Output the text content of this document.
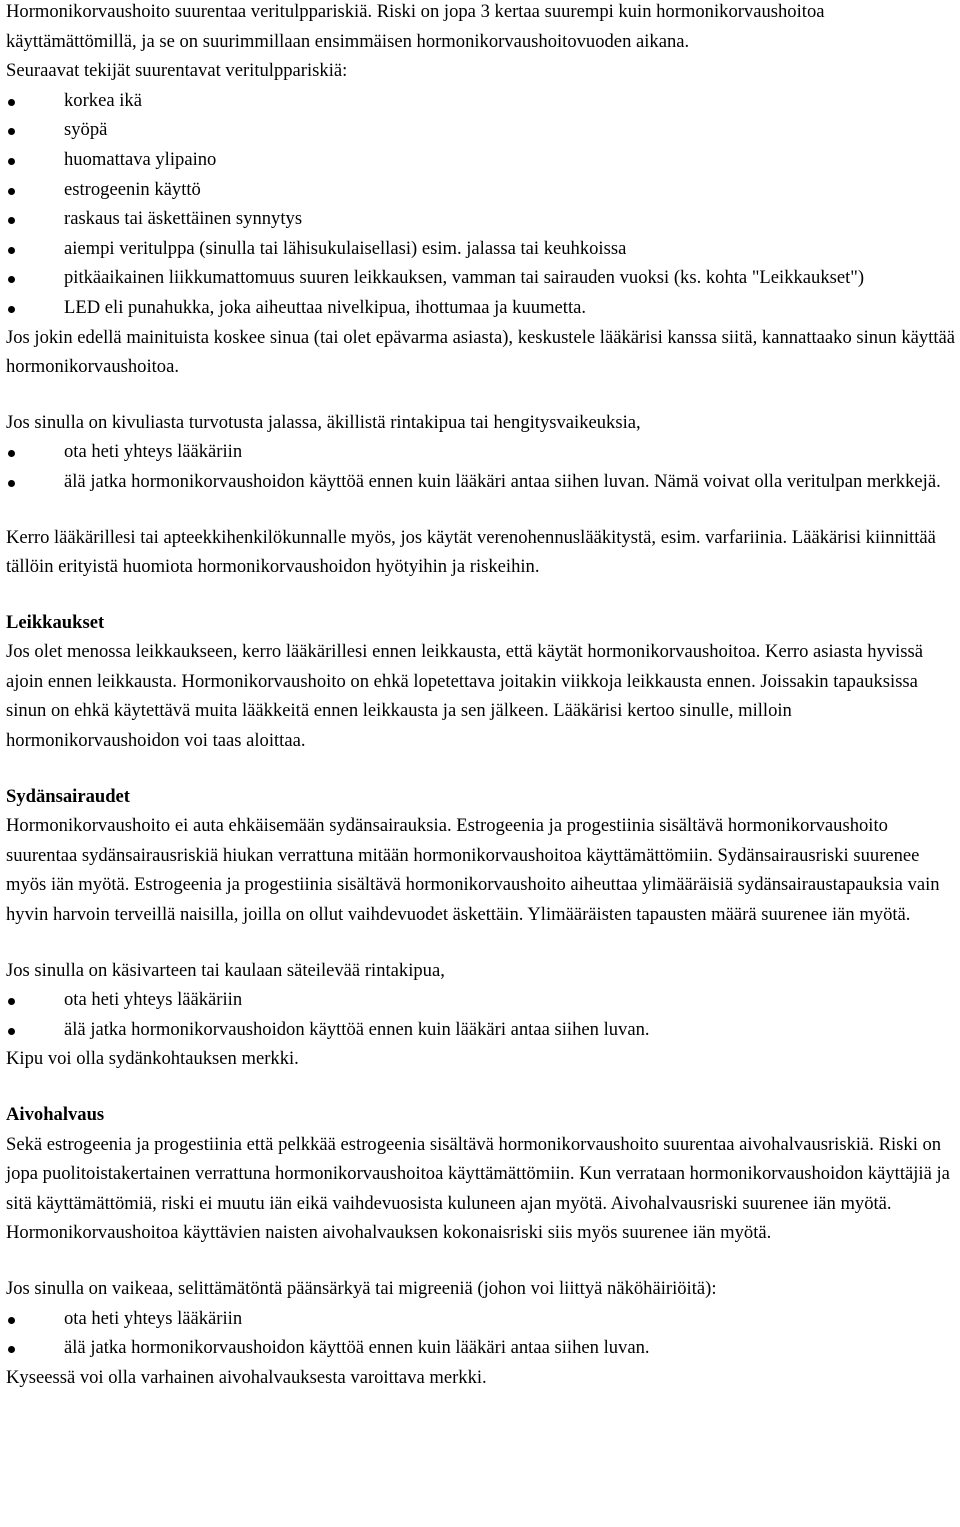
Hormonikorvaushoito suurentaa veritulppariskiä. Riski on jopa 3 kertaa suurempi kuin hormonikorvaushoitoa käyttämättömillä, ja se on suurimmillaan ensimmäisen hormonikorvaushoitovuoden aikana.

Seuraavat tekijät suurentavat veritulppariskiä:

korkea ikä
syöpä
huomattava ylipaino
estrogeenin käyttö
raskaus tai äskettäinen synnytys
aiempi veritulppa (sinulla tai lähisukulaisellasi) esim. jalassa tai keuhkoissa
pitkäaikainen liikkumattomuus suuren leikkauksen, vamman tai sairauden vuoksi (ks. kohta "Leikkaukset")
LED eli punahukka, joka aiheuttaa nivelkipua, ihottumaa ja kuumetta.

Jos jokin edellä mainituista koskee sinua (tai olet epävarma asiasta), keskustele lääkärisi kanssa siitä, kannattaako sinun käyttää hormonikorvaushoitoa.

Jos sinulla on kivuliasta turvotusta jalassa, äkillistä rintakipua tai hengitysvaikeuksia,

ota heti yhteys lääkäriin
älä jatka hormonikorvaushoidon käyttöä ennen kuin lääkäri antaa siihen luvan. Nämä voivat olla veritulpan merkkejä.

Kerro lääkärillesi tai apteekkihenkilökunnalle myös, jos käytät verenohennuslääkitystä, esim. varfariinia. Lääkärisi kiinnittää tällöin erityistä huomiota hormonikorvaushoidon hyötyihin ja riskeihin.

Leikkaukset

Jos olet menossa leikkaukseen, kerro lääkärillesi ennen leikkausta, että käytät hormonikorvaushoitoa. Kerro asiasta hyvissä ajoin ennen leikkausta. Hormonikorvaushoito on ehkä lopetettava joitakin viikkoja leikkausta ennen. Joissakin tapauksissa sinun on ehkä käytettävä muita lääkkeitä ennen leikkausta ja sen jälkeen. Lääkärisi kertoo sinulle, milloin hormonikorvaushoidon voi taas aloittaa.

Sydänsairaudet

Hormonikorvaushoito ei auta ehkäisemään sydänsairauksia. Estrogeenia ja progestiinia sisältävä hormonikorvaushoito suurentaa sydänsairausriskiä hiukan verrattuna mitään hormonikorvaushoitoa käyttämättömiin. Sydänsairausriski suurenee myös iän myötä. Estrogeenia ja progestiinia sisältävä hormonikorvaushoito aiheuttaa ylimääräisiä sydänsairaustapauksia vain hyvin harvoin terveillä naisilla, joilla on ollut vaihdevuodet äskettäin. Ylimääräisten tapausten määrä suurenee iän myötä.

Jos sinulla on käsivarteen tai kaulaan säteilevää rintakipua,

ota heti yhteys lääkäriin
älä jatka hormonikorvaushoidon käyttöä ennen kuin lääkäri antaa siihen luvan.

Kipu voi olla sydänkohtauksen merkki.

Aivohalvaus

Sekä estrogeenia ja progestiinia että pelkkää estrogeenia sisältävä hormonikorvaushoito suurentaa aivohalvausriskiä. Riski on jopa puolitoistakertainen verrattuna hormonikorvaushoitoa käyttämättömiin. Kun verrataan hormonikorvaushoidon käyttäjiä ja sitä käyttämättömiä, riski ei muutu iän eikä vaihdevuosista kuluneen ajan myötä. Aivohalvausriski suurenee iän myötä. Hormonikorvaushoitoa käyttävien naisten aivohalvauksen kokonaisriski siis myös suurenee iän myötä.

Jos sinulla on vaikeaa, selittämätöntä päänsärkyä tai migreeniä (johon voi liittyä näköhäiriöitä):

ota heti yhteys lääkäriin
älä jatka hormonikorvaushoidon käyttöä ennen kuin lääkäri antaa siihen luvan.

Kyseessä voi olla varhainen aivohalvauksesta varoittava merkki.
